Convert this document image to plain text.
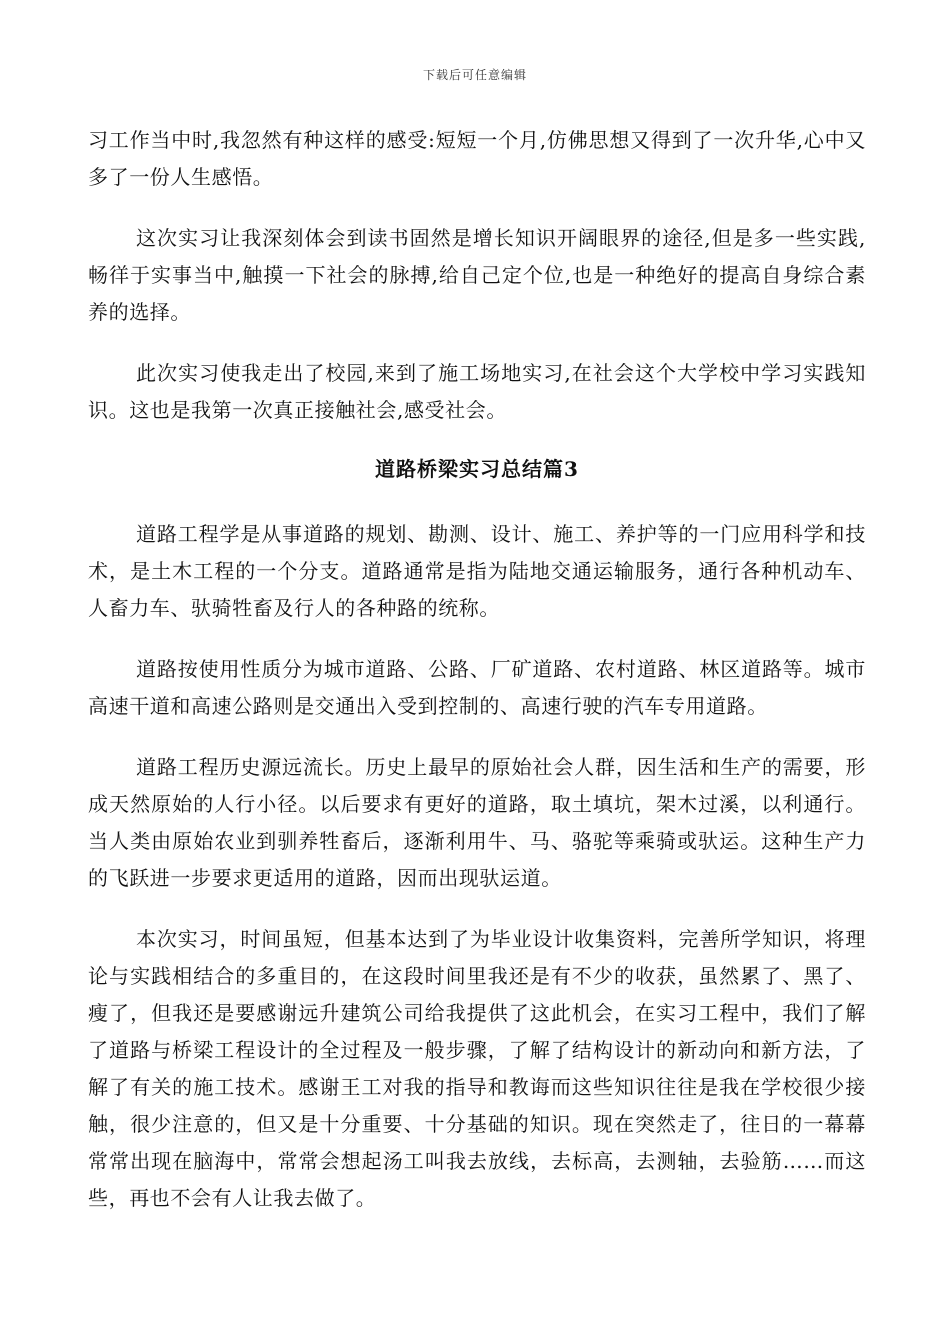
下载后可任意编辑

习工作当中时,我忽然有种这样的感受:短短一个月,仿佛思想又得到了一次升华,心中又多了一份人生感悟。

这次实习让我深刻体会到读书固然是增长知识开阔眼界的途径,但是多一些实践,畅徉于实事当中,触摸一下社会的脉搏,给自己定个位,也是一种绝好的提高自身综合素养的选择。

此次实习使我走出了校园,来到了施工场地实习,在社会这个大学校中学习实践知识。这也是我第一次真正接触社会,感受社会。

道路桥梁实习总结篇3

道路工程学是从事道路的规划、勘测、设计、施工、养护等的一门应用科学和技术，是土木工程的一个分支。道路通常是指为陆地交通运输服务，通行各种机动车、人畜力车、驮骑牲畜及行人的各种路的统称。

道路按使用性质分为城市道路、公路、厂矿道路、农村道路、林区道路等。城市高速干道和高速公路则是交通出入受到控制的、高速行驶的汽车专用道路。

道路工程历史源远流长。历史上最早的原始社会人群，因生活和生产的需要，形成天然原始的人行小径。以后要求有更好的道路，取土填坑，架木过溪，以利通行。当人类由原始农业到驯养牲畜后，逐渐利用牛、马、骆驼等乘骑或驮运。这种生产力的飞跃进一步要求更适用的道路，因而出现驮运道。

本次实习，时间虽短，但基本达到了为毕业设计收集资料，完善所学知识，将理论与实践相结合的多重目的，在这段时间里我还是有不少的收获，虽然累了、黑了、瘦了，但我还是要感谢远升建筑公司给我提供了这此机会，在实习工程中，我们了解了道路与桥梁工程设计的全过程及一般步骤，了解了结构设计的新动向和新方法，了解了有关的施工技术。感谢王工对我的指导和教诲而这些知识往往是我在学校很少接触，很少注意的，但又是十分重要、十分基础的知识。现在突然走了，往日的一幕幕常常出现在脑海中，常常会想起汤工叫我去放线，去标高，去测轴，去验筋……而这些，再也不会有人让我去做了。
